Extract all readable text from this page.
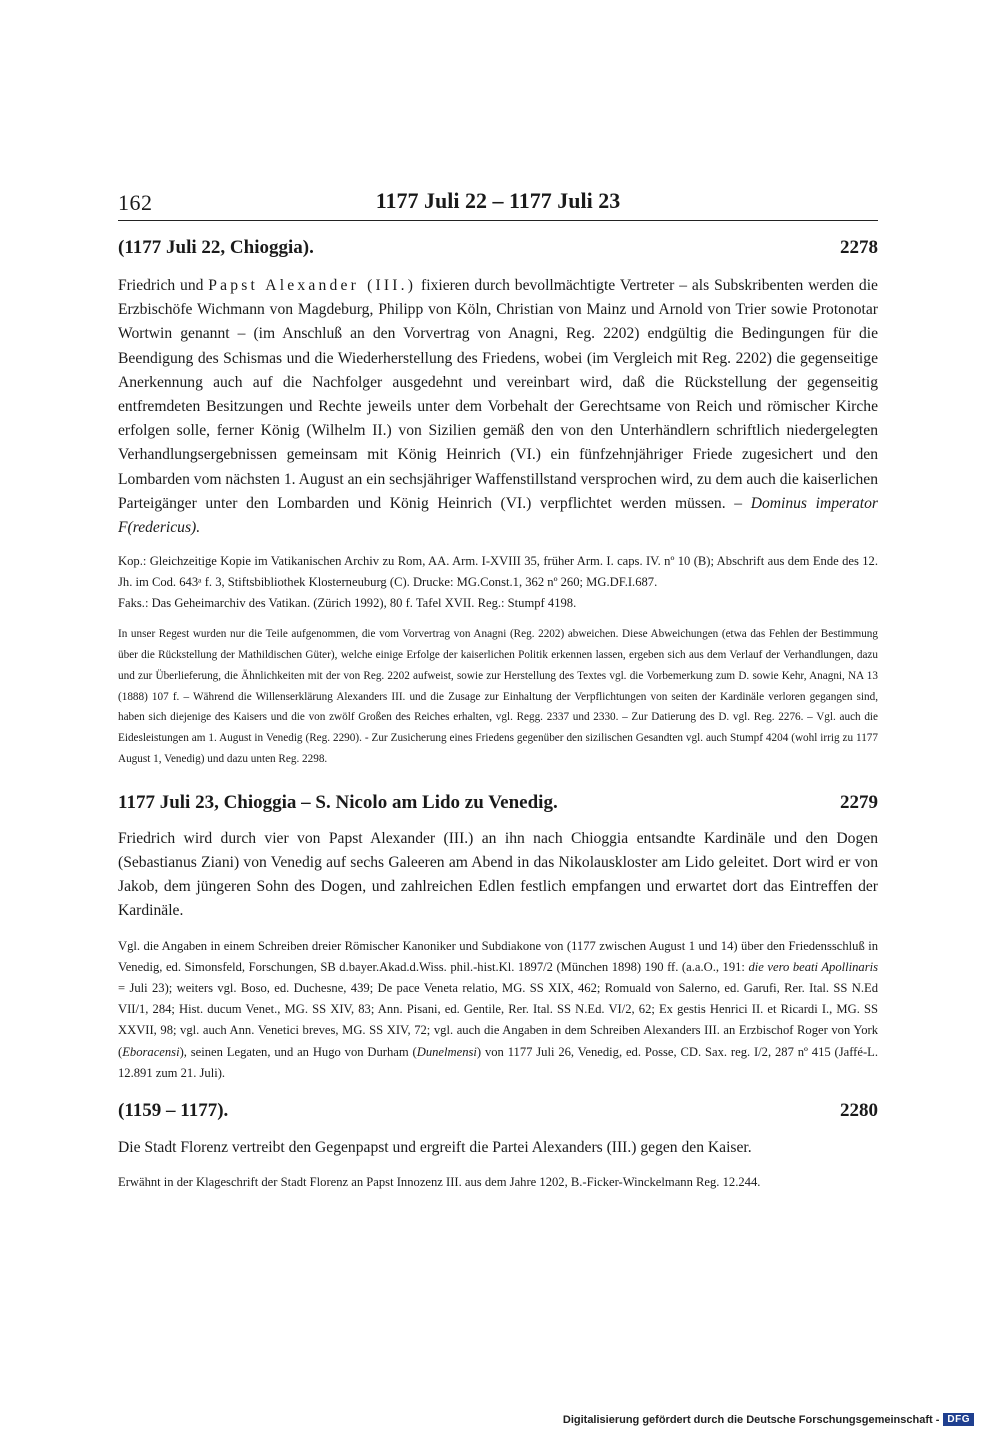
162	1177 Juli 22 – 1177 Juli 23
(1177 Juli 22, Chioggia).	2278

Friedrich und Papst Alexander (III.) fixieren durch bevollmächtigte Vertreter – als Subskribenten werden die Erzbischöfe Wichmann von Magdeburg, Philipp von Köln, Christian von Mainz und Arnold von Trier sowie Protonotar Wortwin genannt – (im Anschluß an den Vorvertrag von Anagni, Reg. 2202) endgültig die Bedingungen für die Beendigung des Schismas und die Wiederherstellung des Friedens, wobei (im Vergleich mit Reg. 2202) die gegenseitige Anerkennung auch auf die Nachfolger ausgedehnt und vereinbart wird, daß die Rückstellung der gegenseitig entfremdeten Besitzungen und Rechte jeweils unter dem Vorbehalt der Gerechtsame von Reich und römischer Kirche erfolgen solle, ferner König (Wilhelm II.) von Sizilien gemäß den von den Unterhändlern schriftlich niedergelegten Verhandlungsergebnissen gemeinsam mit König Heinrich (VI.) ein fünfzehnjähriger Friede zugesichert und den Lombarden vom nächsten 1. August an ein sechsjähriger Waffenstillstand versprochen wird, zu dem auch die kaiserlichen Parteigänger unter den Lombarden und König Heinrich (VI.) verpflichtet werden müssen. – Dominus imperator F(redericus).

Kop.: Gleichzeitige Kopie im Vatikanischen Archiv zu Rom, AA. Arm. I-XVIII 35, früher Arm. I. caps. IV. nº 10 (B); Abschrift aus dem Ende des 12. Jh. im Cod. 643ᵃ f. 3, Stiftsbibliothek Klosterneuburg (C). Drucke: MG.Const.1, 362 nº 260; MG.DF.I.687.

Faks.: Das Geheimarchiv des Vatikan. (Zürich 1992), 80 f. Tafel XVII. Reg.: Stumpf 4198.

In unser Regest wurden nur die Teile aufgenommen, die vom Vorvertrag von Anagni (Reg. 2202) abweichen. Diese Abweichungen (etwa das Fehlen der Bestimmung über die Rückstellung der Mathildischen Güter), welche einige Erfolge der kaiserlichen Politik erkennen lassen, ergeben sich aus dem Verlauf der Verhandlungen, dazu und zur Überlieferung, die Ähnlichkeiten mit der von Reg. 2202 aufweist, sowie zur Herstellung des Textes vgl. die Vorbemerkung zum D. sowie Kehr, Anagni, NA 13 (1888) 107 f. – Während die Willenserklärung Alexanders III. und die Zusage zur Einhaltung der Verpflichtungen von seiten der Kardinäle verloren gegangen sind, haben sich diejenige des Kaisers und die von zwölf Großen des Reiches erhalten, vgl. Regg. 2337 und 2330. – Zur Datierung des D. vgl. Reg. 2276. – Vgl. auch die Eidesleistungen am 1. August in Venedig (Reg. 2290). - Zur Zusicherung eines Friedens gegenüber den sizilischen Gesandten vgl. auch Stumpf 4204 (wohl irrig zu 1177 August 1, Venedig) und dazu unten Reg. 2298.

1177 Juli 23, Chioggia – S. Nicolo am Lido zu Venedig.	2279

Friedrich wird durch vier von Papst Alexander (III.) an ihn nach Chioggia entsandte Kardinäle und den Dogen (Sebastianus Ziani) von Venedig auf sechs Galeeren am Abend in das Nikolauskloster am Lido geleitet. Dort wird er von Jakob, dem jüngeren Sohn des Dogen, und zahlreichen Edlen festlich empfangen und erwartet dort das Eintreffen der Kardinäle.

Vgl. die Angaben in einem Schreiben dreier Römischer Kanoniker und Subdiakone von (1177 zwischen August 1 und 14) über den Friedensschluß in Venedig, ed. Simonsfeld, Forschungen, SB d.bayer.Akad.d.Wiss. phil.-hist.Kl. 1897/2 (München 1898) 190 ff. (a.a.O., 191: die vero beati Apollinaris = Juli 23); weiters vgl. Boso, ed. Duchesne, 439; De pace Veneta relatio, MG. SS XIX, 462; Romuald von Salerno, ed. Garufi, Rer. Ital. SS N.Ed VII/1, 284; Hist. ducum Venet., MG. SS XIV, 83; Ann. Pisani, ed. Gentile, Rer. Ital. SS N.Ed. VI/2, 62; Ex gestis Henrici II. et Ricardi I., MG. SS XXVII, 98; vgl. auch Ann. Venetici breves, MG. SS XIV, 72; vgl. auch die Angaben in dem Schreiben Alexanders III. an Erzbischof Roger von York (Eboracensi), seinen Legaten, und an Hugo von Durham (Dunelmensi) von 1177 Juli 26, Venedig, ed. Posse, CD. Sax. reg. I/2, 287 nº 415 (Jaffé-L. 12.891 zum 21. Juli).

(1159 – 1177).	2280

Die Stadt Florenz vertreibt den Gegenpapst und ergreift die Partei Alexanders (III.) gegen den Kaiser.

Erwähnt in der Klageschrift der Stadt Florenz an Papst Innozenz III. aus dem Jahre 1202, B.-Ficker-Winckelmann Reg. 12.244.

Digitalisierung gefördert durch die Deutsche Forschungsgemeinschaft - DFG
